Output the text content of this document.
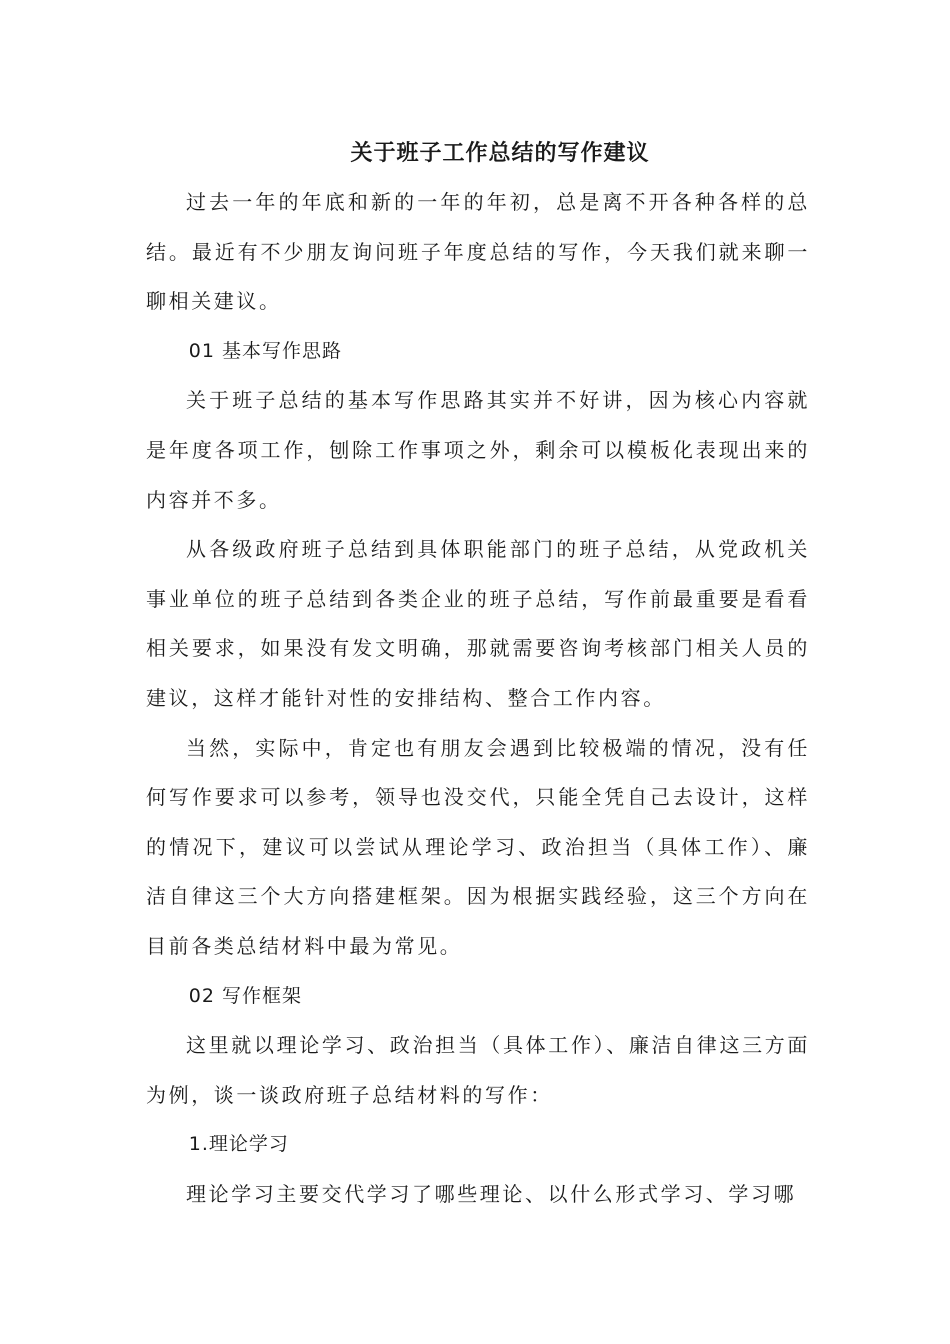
关于班子工作总结的写作建议

过去一年的年底和新的一年的年初，总是离不开各种各样的总结。最近有不少朋友询问班子年度总结的写作，今天我们就来聊一聊相关建议。

01 基本写作思路

关于班子总结的基本写作思路其实并不好讲，因为核心内容就是年度各项工作，刨除工作事项之外，剩余可以模板化表现出来的内容并不多。

从各级政府班子总结到具体职能部门的班子总结，从党政机关事业单位的班子总结到各类企业的班子总结，写作前最重要是看看相关要求，如果没有发文明确，那就需要咨询考核部门相关人员的建议，这样才能针对性的安排结构、整合工作内容。

当然，实际中，肯定也有朋友会遇到比较极端的情况，没有任何写作要求可以参考，领导也没交代，只能全凭自己去设计，这样的情况下，建议可以尝试从理论学习、政治担当（具体工作）、廉洁自律这三个大方向搭建框架。因为根据实践经验，这三个方向在目前各类总结材料中最为常见。

02 写作框架

这里就以理论学习、政治担当（具体工作）、廉洁自律这三方面为例，谈一谈政府班子总结材料的写作：

1.理论学习

理论学习主要交代学习了哪些理论、以什么形式学习、学习哪
